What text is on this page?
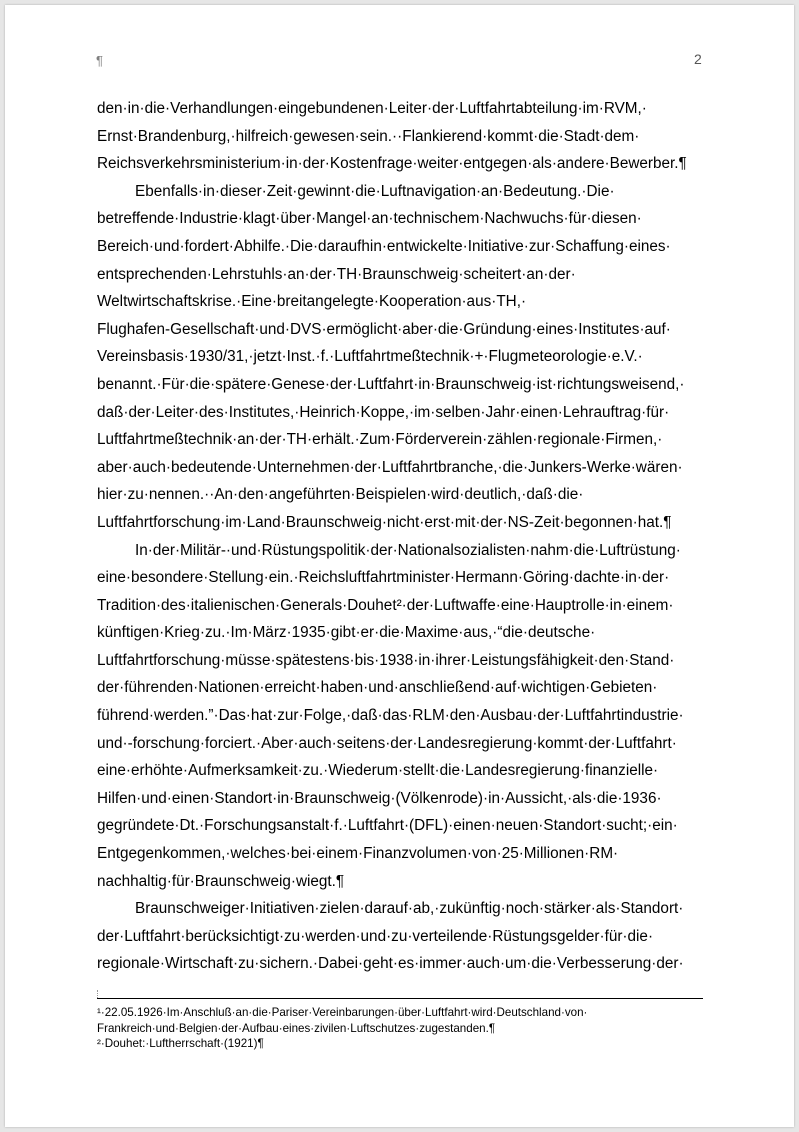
¶	2
den·in·die·Verhandlungen·eingebundenen·Leiter·der·Luftfahrtabteilung·im·RVM,·
Ernst·Brandenburg,·hilfreich·gewesen·sein.··Flankierend·kommt·die·Stadt·dem·
Reichsverkehrsministerium·in·der·Kostenfrage·weiter·entgegen·als·andere·Bewerber.¶
Ebenfalls·in·dieser·Zeit·gewinnt·die·Luftnavigation·an·Bedeutung.·Die·
betreffende·Industrie·klagt·über·Mangel·an·technischem·Nachwuchs·für·diesen·
Bereich·und·fordert·Abhilfe.·Die·daraufhin·entwickelte·Initiative·zur·Schaffung·eines·
entsprechenden·Lehrstuhls·an·der·TH·Braunschweig·scheitert·an·der·
Weltwirtschaftskrise.·Eine·breitangelegte·Kooperation·aus·TH,·
Flughafen-Gesellschaft·und·DVS·ermöglicht·aber·die·Gründung·eines·Institutes·auf·
Vereinsbasis·1930/31,·jetzt·Inst.·f.·Luftfahrtmeßtechnik·+·Flugmeteorologie·e.V.·
benannt.·Für·die·spätere·Genese·der·Luftfahrt·in·Braunschweig·ist·richtungsweisend,·
daß·der·Leiter·des·Institutes,·Heinrich·Koppe,·im·selben·Jahr·einen·Lehrauftrag·für·
Luftfahrtmeßtechnik·an·der·TH·erhält.·Zum·Förderverein·zählen·regionale·Firmen,·
aber·auch·bedeutende·Unternehmen·der·Luftfahrtbranche,·die·Junkers-Werke·wären·
hier·zu·nennen.··An·den·angeführten·Beispielen·wird·deutlich,·daß·die·
Luftfahrtforschung·im·Land·Braunschweig·nicht·erst·mit·der·NS-Zeit·begonnen·hat.¶
In·der·Militär-·und·Rüstungspolitik·der·Nationalsozialisten·nahm·die·Luftrüstung·
eine·besondere·Stellung·ein.·Reichsluftfahrtminister·Hermann·Göring·dachte·in·der·
Tradition·des·italienischen·Generals·Douhet²·der·Luftwaffe·eine·Hauptrolle·in·einem·
künftigen·Krieg·zu.·Im·März·1935·gibt·er·die·Maxime·aus,·“die·deutsche·
Luftfahrtforschung·müsse·spätestens·bis·1938·in·ihrer·Leistungsfähigkeit·den·Stand·
der·führenden·Nationen·erreicht·haben·und·anschließend·auf·wichtigen·Gebieten·
führend·werden.”·Das·hat·zur·Folge,·daß·das·RLM·den·Ausbau·der·Luftfahrtindustrie·
und·-forschung·forciert.·Aber·auch·seitens·der·Landesregierung·kommt·der·Luftfahrt·
eine·erhöhte·Aufmerksamkeit·zu.·Wiederum·stellt·die·Landesregierung·finanzielle·
Hilfen·und·einen·Standort·in·Braunschweig·(Völkenrode)·in·Aussicht,·als·die·1936·
gegründete·Dt.·Forschungsanstalt·f.·Luftfahrt·(DFL)·einen·neuen·Standort·sucht;·ein·
Entgegenkommen,·welches·bei·einem·Finanzvolumen·von·25·Millionen·RM·
nachhaltig·für·Braunschweig·wiegt.¶
Braunschweiger·Initiativen·zielen·darauf·ab,·zukünftig·noch·stärker·als·Standort·
der·Luftfahrt·berücksichtigt·zu·werden·und·zu·verteilende·Rüstungsgelder·für·die·
regionale·Wirtschaft·zu·sichern.·Dabei·geht·es·immer·auch·um·die·Verbesserung·der·
¹·22.05.1926·Im·Anschluß·an·die·Pariser·Vereinbarungen·über·Luftfahrt·wird·Deutschland·von·
Frankreich·und·Belgien·der·Aufbau·eines·zivilen·Luftschutzes·zugestanden.¶
²·Douhet:·Luftherrschaft·(1921)¶
